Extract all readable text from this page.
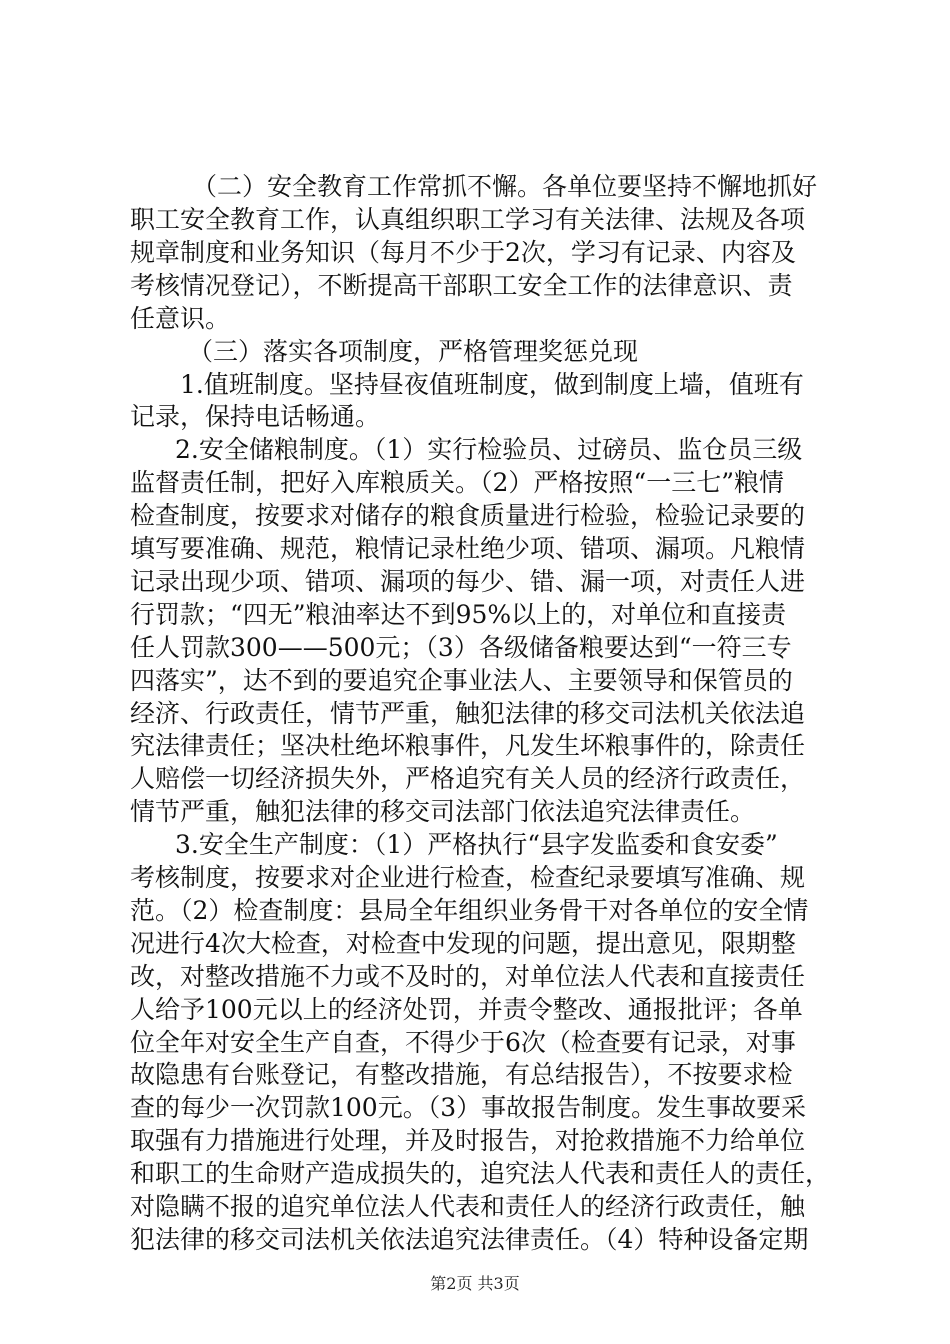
（二）安全教育工作常抓不懈。各单位要坚持不懈地抓好

职工安全教育工作，认真组织职工学习有关法律、法规及各项

规章制度和业务知识（每月不少于2次，学习有记录、内容及

考核情况登记），不断提高干部职工安全工作的法律意识、责

任意识。

（三）落实各项制度，严格管理奖惩兑现

1.值班制度。坚持昼夜值班制度，做到制度上墙，值班有

记录，保持电话畅通。

2.安全储粮制度。（1）实行检验员、过磅员、监仓员三级

监督责任制，把好入库粮质关。（2）严格按照“一三七”粮情

检查制度，按要求对储存的粮食质量进行检验，检验记录要的

填写要准确、规范，粮情记录杜绝少项、错项、漏项。凡粮情

记录出现少项、错项、漏项的每少、错、漏一项，对责任人进

行罚款；“四无”粮油率达不到95%以上的，对单位和直接责

任人罚款300——500元；（3）各级储备粮要达到“一符三专

四落实”，达不到的要追究企事业法人、主要领导和保管员的

经济、行政责任，情节严重，触犯法律的移交司法机关依法追

究法律责任；坚决杜绝坏粮事件，凡发生坏粮事件的，除责任

人赔偿一切经济损失外，严格追究有关人员的经济行政责任，

情节严重，触犯法律的移交司法部门依法追究法律责任。

3.安全生产制度：（1）严格执行“县字发监委和食安委”

考核制度，按要求对企业进行检查，检查纪录要填写准确、规

范。（2）检查制度：县局全年组织业务骨干对各单位的安全情

况进行4次大检查，对检查中发现的问题，提出意见，限期整

改，对整改措施不力或不及时的，对单位法人代表和直接责任

人给予100元以上的经济处罚，并责令整改、通报批评；各单

位全年对安全生产自查，不得少于6次（检查要有记录，对事

故隐患有台账登记，有整改措施，有总结报告），不按要求检

查的每少一次罚款100元。（3）事故报告制度。发生事故要采

取强有力措施进行处理，并及时报告，对抢救措施不力给单位

和职工的生命财产造成损失的，追究法人代表和责任人的责任，

对隐瞒不报的追究单位法人代表和责任人的经济行政责任，触

犯法律的移交司法机关依法追究法律责任。（4）特种设备定期

第2页 共3页
